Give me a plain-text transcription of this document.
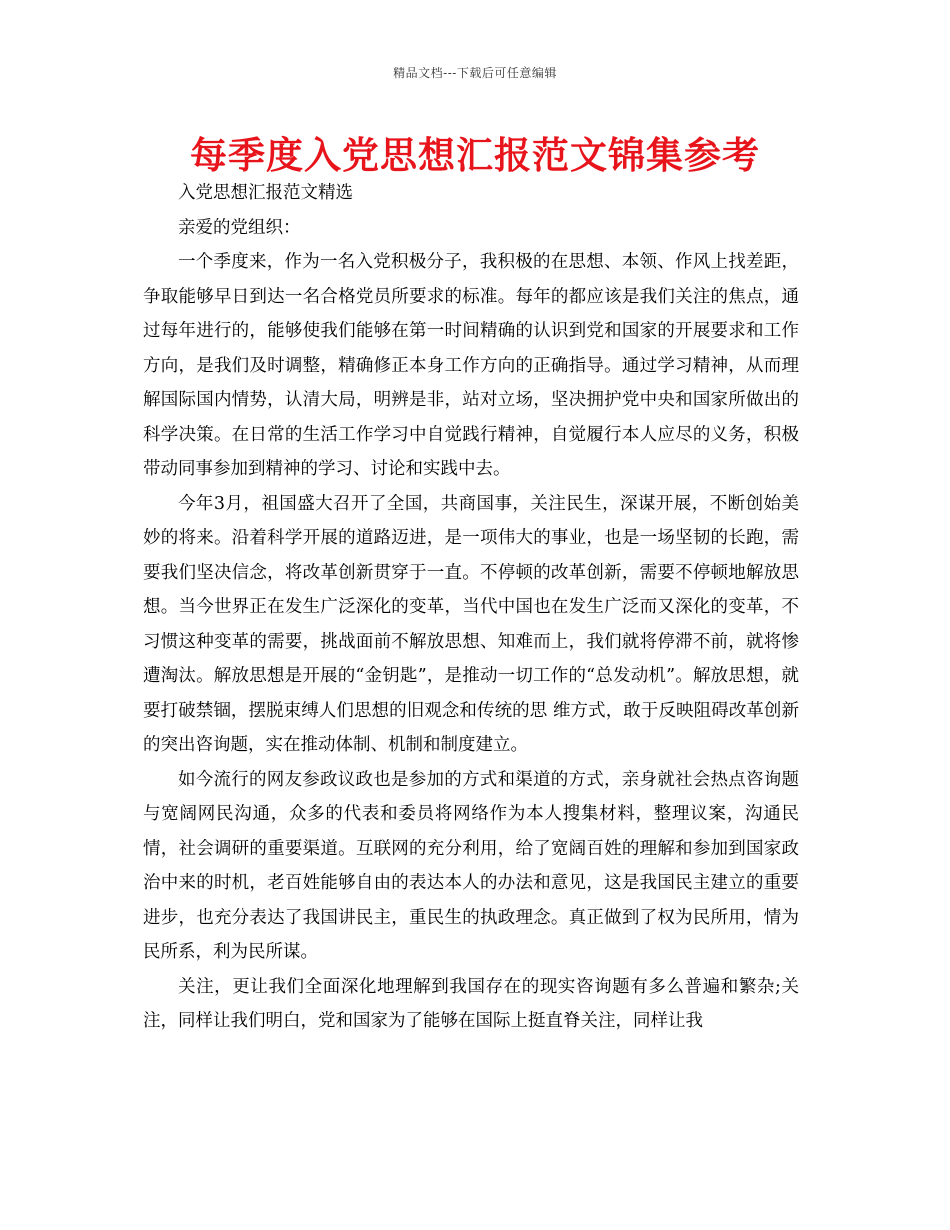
精品文档---下载后可任意编辑
每季度入党思想汇报范文锦集参考

入党思想汇报范文精选

亲爱的党组织：

一个季度来，作为一名入党积极分子，我积极的在思想、本领、作风上找差距，争取能够早日到达一名合格党员所要求的标准。每年的都应该是我们关注的焦点，通过每年进行的，能够使我们能够在第一时间精确的认识到党和国家的开展要求和工作方向，是我们及时调整，精确修正本身工作方向的正确指导。通过学习精神，从而理解国际国内情势，认清大局，明辨是非，站对立场，坚决拥护党中央和国家所做出的科学决策。在日常的生活工作学习中自觉践行精神，自觉履行本人应尽的义务，积极带动同事参加到精神的学习、讨论和实践中去。

今年3月，祖国盛大召开了全国，共商国事，关注民生，深谋开展，不断创始美妙的将来。沿着科学开展的道路迈进，是一项伟大的事业，也是一场坚韧的长跑，需要我们坚决信念，将改革创新贯穿于一直。不停顿的改革创新，需要不停顿地解放思想。当今世界正在发生广泛深化的变革，当代中国也在发生广泛而又深化的变革，不习惯这种变革的需要，挑战面前不解放思想、知难而上，我们就将停滞不前，就将惨遭淘汰。解放思想是开展的“金钥匙”，是推动一切工作的“总发动机”。解放思想，就要打破禁锢，摆脱束缚人们思想的旧观念和传统的思 维方式，敢于反映阻碍改革创新的突出咨询题，实在推动体制、机制和制度建立。

如今流行的网友参政议政也是参加的方式和渠道的方式，亲身就社会热点咨询题与宽阔网民沟通，众多的代表和委员将网络作为本人搜集材料，整理议案，沟通民情，社会调研的重要渠道。互联网的充分利用，给了宽阔百姓的理解和参加到国家政治中来的时机，老百姓能够自由的表达本人的办法和意见，这是我国民主建立的重要进步，也充分表达了我国讲民主，重民生的执政理念。真正做到了权为民所用，情为民所系，利为民所谋。

关注，更让我们全面深化地理解到我国存在的现实咨询题有多么普遍和繁杂;关注，同样让我们明白，党和国家为了能够在国际上挺直脊关注，同样让我
